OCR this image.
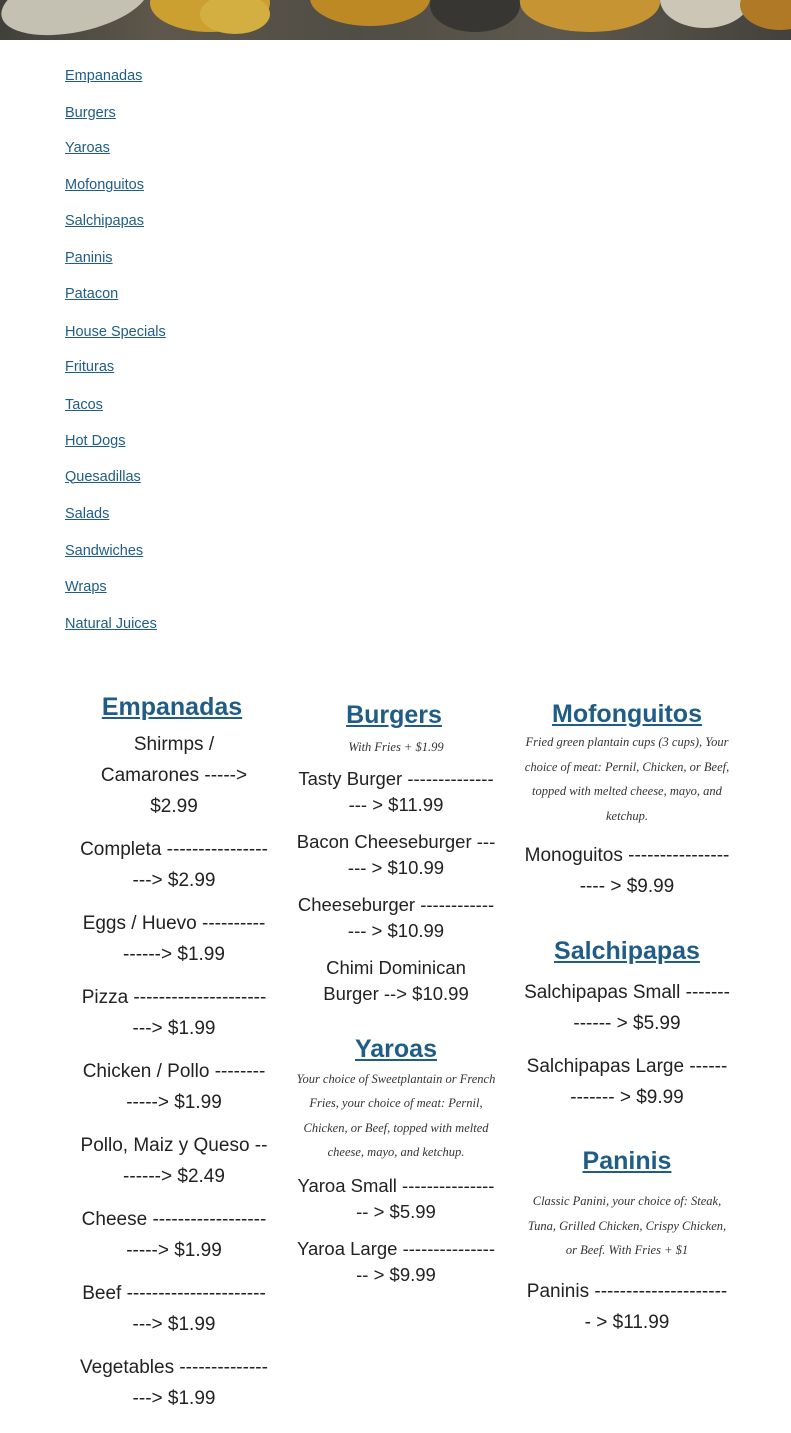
Empanadas
Burgers
Yaroas
Mofonguitos
Salchipapas
Paninis
Patacon
House Specials
Frituras
Tacos
Hot Dogs
Quesadillas
Salads
Sandwiches
Wraps
Natural Juices
Empanadas

Shirmps / Camarones -----> $2.99

Completa -------------------> $2.99

Eggs / Huevo ----------------> $1.99

Pizza ------------------------> $1.99

Chicken / Pollo -------------> $1.99

Pollo, Maiz y Queso --------> $2.49

Cheese -----------------------> $1.99

Beef -------------------------> $1.99

Vegetables -----------------> $1.99

Burgers

With Fries + $1.99

Tasty Burger ----------------- > $11.99

Bacon Cheeseburger ------ > $10.99

Cheeseburger --------------- > $10.99

Chimi Dominican Burger --> $10.99

Yaroas

Your choice of Sweetplantain or French Fries, your choice of meat: Pernil, Chicken, or Beef, topped with melted cheese, mayo, and ketchup.

Yaroa Small ----------------- > $5.99

Yaroa Large ----------------- > $9.99

Mofonguitos

Fried green plantain cups (3 cups), Your choice of meat: Pernil, Chicken, or Beef, topped with melted cheese, mayo, and ketchup.

Monoguitos -------------------- > $9.99

Salchipapas

Salchipapas Small ------------- > $5.99

Salchipapas Large ------------- > $9.99

Paninis

Classic Panini, your choice of: Steak, Tuna, Grilled Chicken, Crispy Chicken, or Beef. With Fries + $1

Paninis ---------------------- > $11.99
